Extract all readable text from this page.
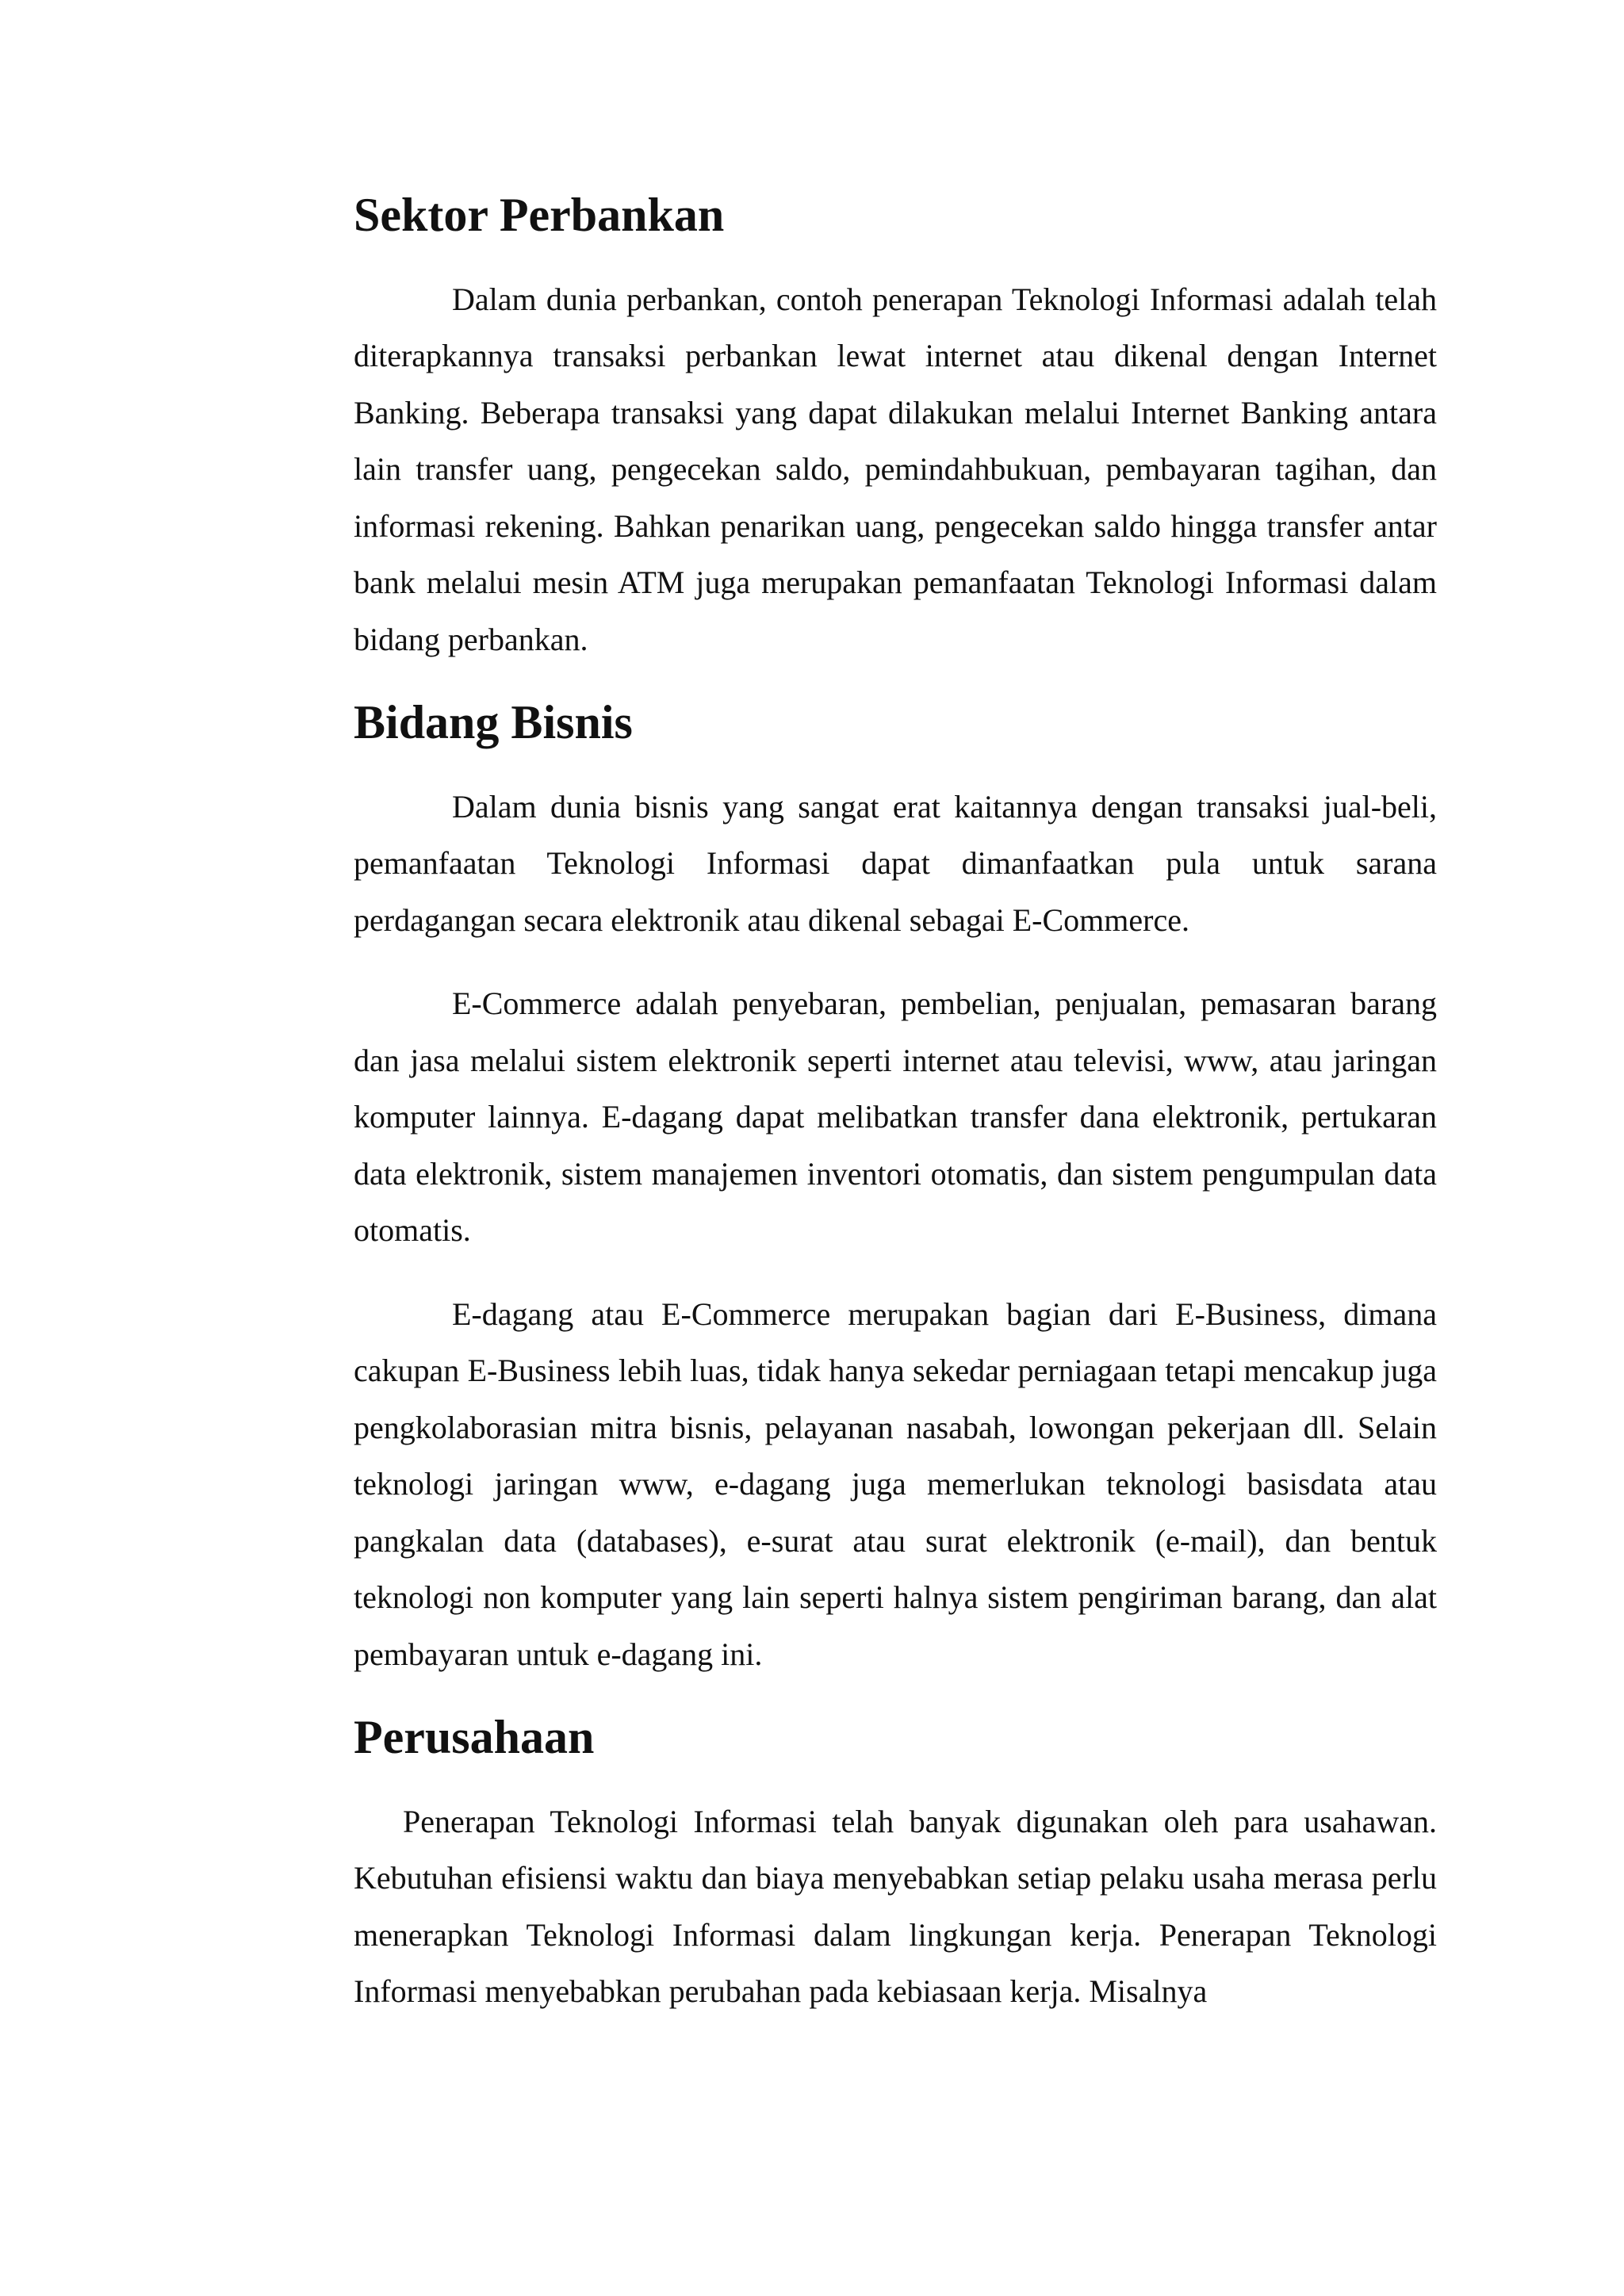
Sektor Perbankan

Dalam dunia perbankan, contoh penerapan Teknologi Informasi adalah telah diterapkannya transaksi perbankan lewat internet atau dikenal dengan Internet Banking. Beberapa transaksi yang dapat dilakukan melalui Internet Banking antara lain transfer uang, pengecekan saldo, pemindahbukuan, pembayaran tagihan, dan informasi rekening. Bahkan penarikan uang, pengecekan saldo hingga transfer antar bank melalui mesin ATM juga merupakan pemanfaatan Teknologi Informasi dalam bidang perbankan.

Bidang Bisnis

Dalam dunia bisnis yang sangat erat kaitannya dengan transaksi jual-beli, pemanfaatan Teknologi Informasi dapat dimanfaatkan pula untuk sarana perdagangan secara elektronik atau dikenal sebagai E-Commerce.

E-Commerce adalah penyebaran, pembelian, penjualan, pemasaran barang dan jasa melalui sistem elektronik seperti internet atau televisi, www, atau jaringan komputer lainnya. E-dagang dapat melibatkan transfer dana elektronik, pertukaran data elektronik, sistem manajemen inventori otomatis, dan sistem pengumpulan data otomatis.

E-dagang atau E-Commerce merupakan bagian dari E-Business, dimana cakupan E-Business lebih luas, tidak hanya sekedar perniagaan tetapi mencakup juga pengkolaborasian mitra bisnis, pelayanan nasabah, lowongan pekerjaan dll. Selain teknologi jaringan www, e-dagang juga memerlukan teknologi basisdata atau pangkalan data (databases), e-surat atau surat elektronik (e-mail), dan bentuk teknologi non komputer yang lain seperti halnya sistem pengiriman barang, dan alat pembayaran untuk e-dagang ini.

Perusahaan

Penerapan Teknologi Informasi telah banyak digunakan oleh para usahawan. Kebutuhan efisiensi waktu dan biaya menyebabkan setiap pelaku usaha merasa perlu menerapkan Teknologi Informasi dalam lingkungan kerja. Penerapan Teknologi Informasi menyebabkan perubahan pada kebiasaan kerja. Misalnya
